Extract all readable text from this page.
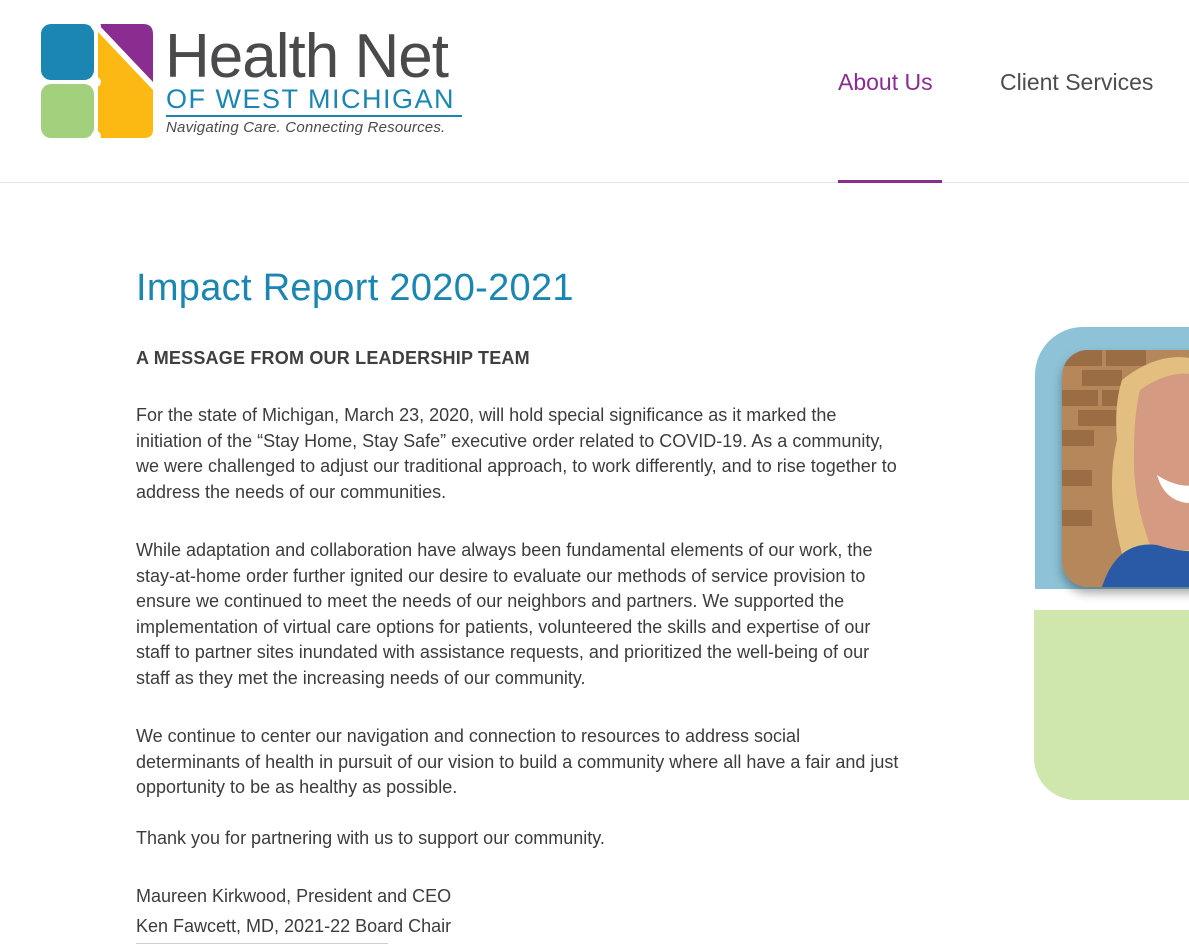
Health Net
OF WEST MICHIGAN
Navigating Care. Connecting Resources.
About Us	Client Services
Impact Report 2020-2021
A MESSAGE FROM OUR LEADERSHIP TEAM

For the state of Michigan, March 23, 2020, will hold special significance as it marked the initiation of the “Stay Home, Stay Safe” executive order related to COVID-19. As a community, we were challenged to adjust our traditional approach, to work differently, and to rise together to address the needs of our communities.

While adaptation and collaboration have always been fundamental elements of our work, the stay-at-home order further ignited our desire to evaluate our methods of service provision to ensure we continued to meet the needs of our neighbors and partners. We supported the implementation of virtual care options for patients, volunteered the skills and expertise of our staff to partner sites inundated with assistance requests, and prioritized the well-being of our staff as they met the increasing needs of our community.

We continue to center our navigation and connection to resources to address social determinants of health in pursuit of our vision to build a community where all have a fair and just opportunity to be as healthy as possible.

Thank you for partnering with us to support our community.

Maureen Kirkwood, President and CEO
Ken Fawcett, MD, 2021-22 Board Chair
